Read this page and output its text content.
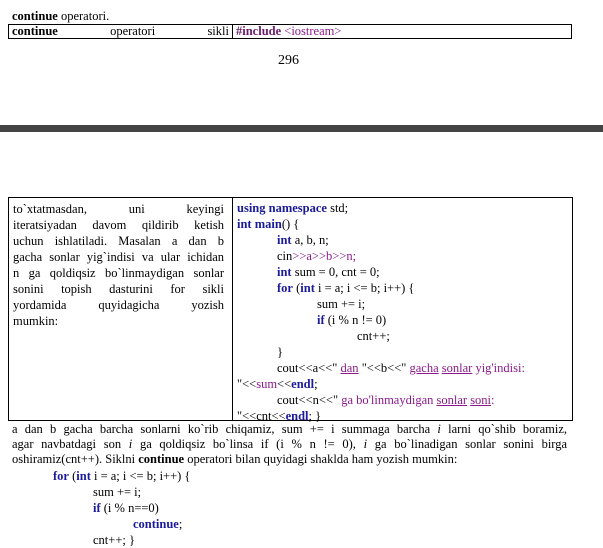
continue operatori.
continue	operatori	sikli	#include <iostream>
296
to`xtatmasdan, uni keyingi
iteratsiyadan davom qildirib ketish
uchun ishlatiladi. Masalan a dan b
gacha sonlar yig`indisi va ular ichidan
n ga qoldiqsiz bo`linmaydigan sonlar
sonini topish dasturini for sikli
yordamida quyidagicha yozish
mumkin:
using namespace std;
int main() {
int a, b, n;
cin>>a>>b>>n;
int sum = 0, cnt = 0;
for (int i = a; i <= b; i++) {
sum += i;
if (i % n != 0)
cnt++;
}
cout<<a<<" dan "<<b<<" gacha sonlar yig'indisi:
"<<sum<<endl;
cout<<n<<" ga bo'linmaydigan sonlar soni:
"<<cnt<<endl; }
a dan b gacha barcha sonlarni ko`rib chiqamiz, sum += i summaga barcha i larni qo`shib boramiz,
agar navbatdagi son i ga qoldiqsiz bo`linsa if (i % n != 0), i ga bo`linadigan sonlar sonini birga
oshiramiz(cnt++). Siklni continue operatori bilan quyidagi shaklda ham yozish mumkin:
for (int i = a; i <= b; i++) {
sum += i;
if (i % n==0)
continue;
cnt++; }
